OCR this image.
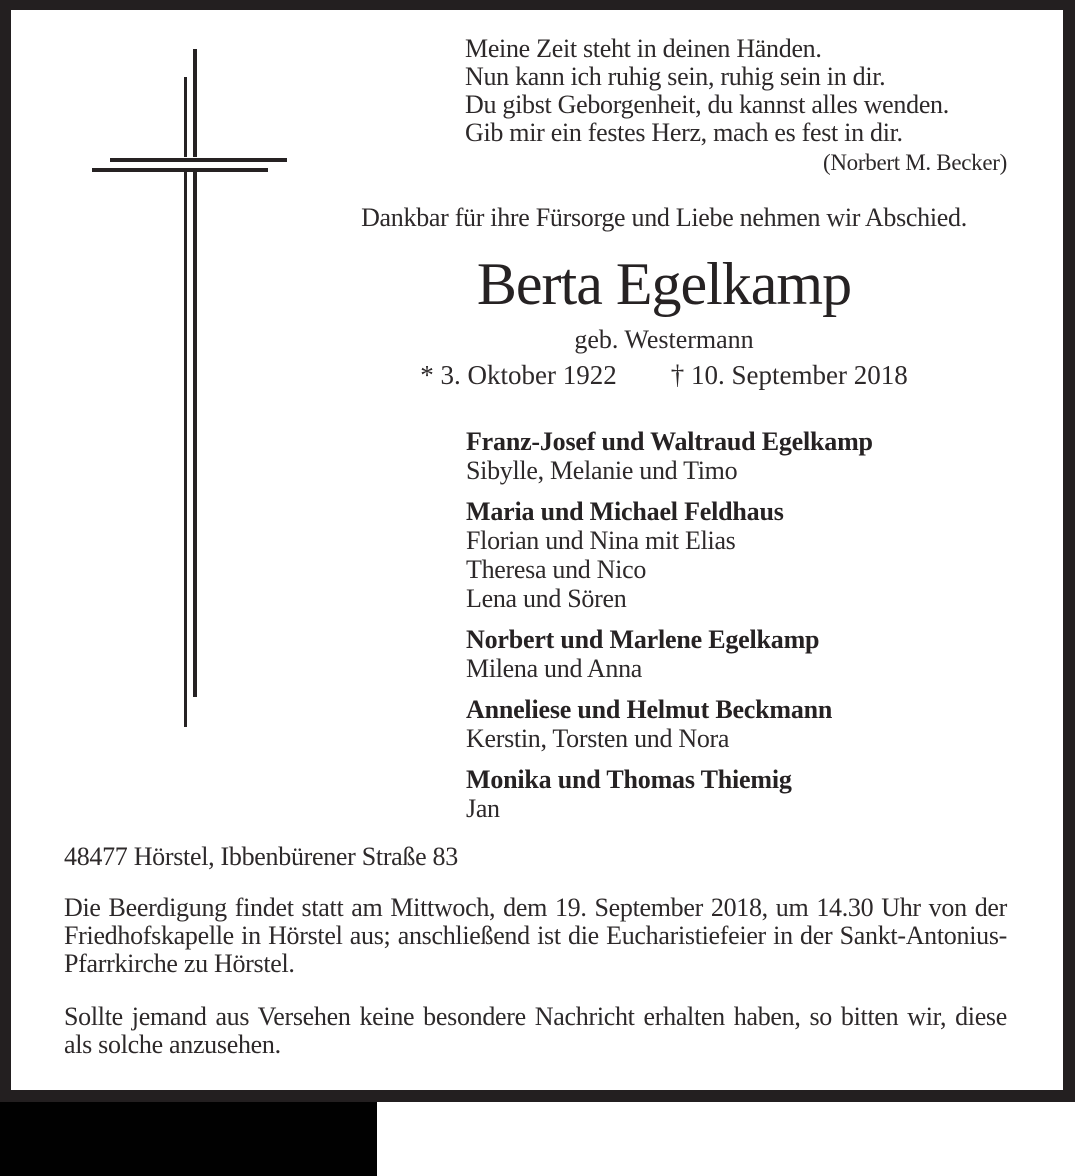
Meine Zeit steht in deinen Händen.
Nun kann ich ruhig sein, ruhig sein in dir.
Du gibst Geborgenheit, du kannst alles wenden.
Gib mir ein festes Herz, mach es fest in dir.
(Norbert M. Becker)
Dankbar für ihre Fürsorge und Liebe nehmen wir Abschied.
Berta Egelkamp
geb. Westermann
* 3. Oktober 1922 † 10. September 2018
Franz-Josef und Waltraud Egelkamp
Sibylle, Melanie und Timo
Maria und Michael Feldhaus
Florian und Nina mit Elias
Theresa und Nico
Lena und Sören
Norbert und Marlene Egelkamp
Milena und Anna
Anneliese und Helmut Beckmann
Kerstin, Torsten und Nora
Monika und Thomas Thiemig
Jan
48477 Hörstel, Ibbenbürener Straße 83
Die Beerdigung findet statt am Mittwoch, dem 19. September 2018, um 14.30 Uhr von der Friedhofskapelle in Hörstel aus; anschließend ist die Eucharistiefeier in der Sankt-Antonius-Pfarrkirche zu Hörstel.
Sollte jemand aus Versehen keine besondere Nachricht erhalten haben, so bitten wir, diese als solche anzusehen.
